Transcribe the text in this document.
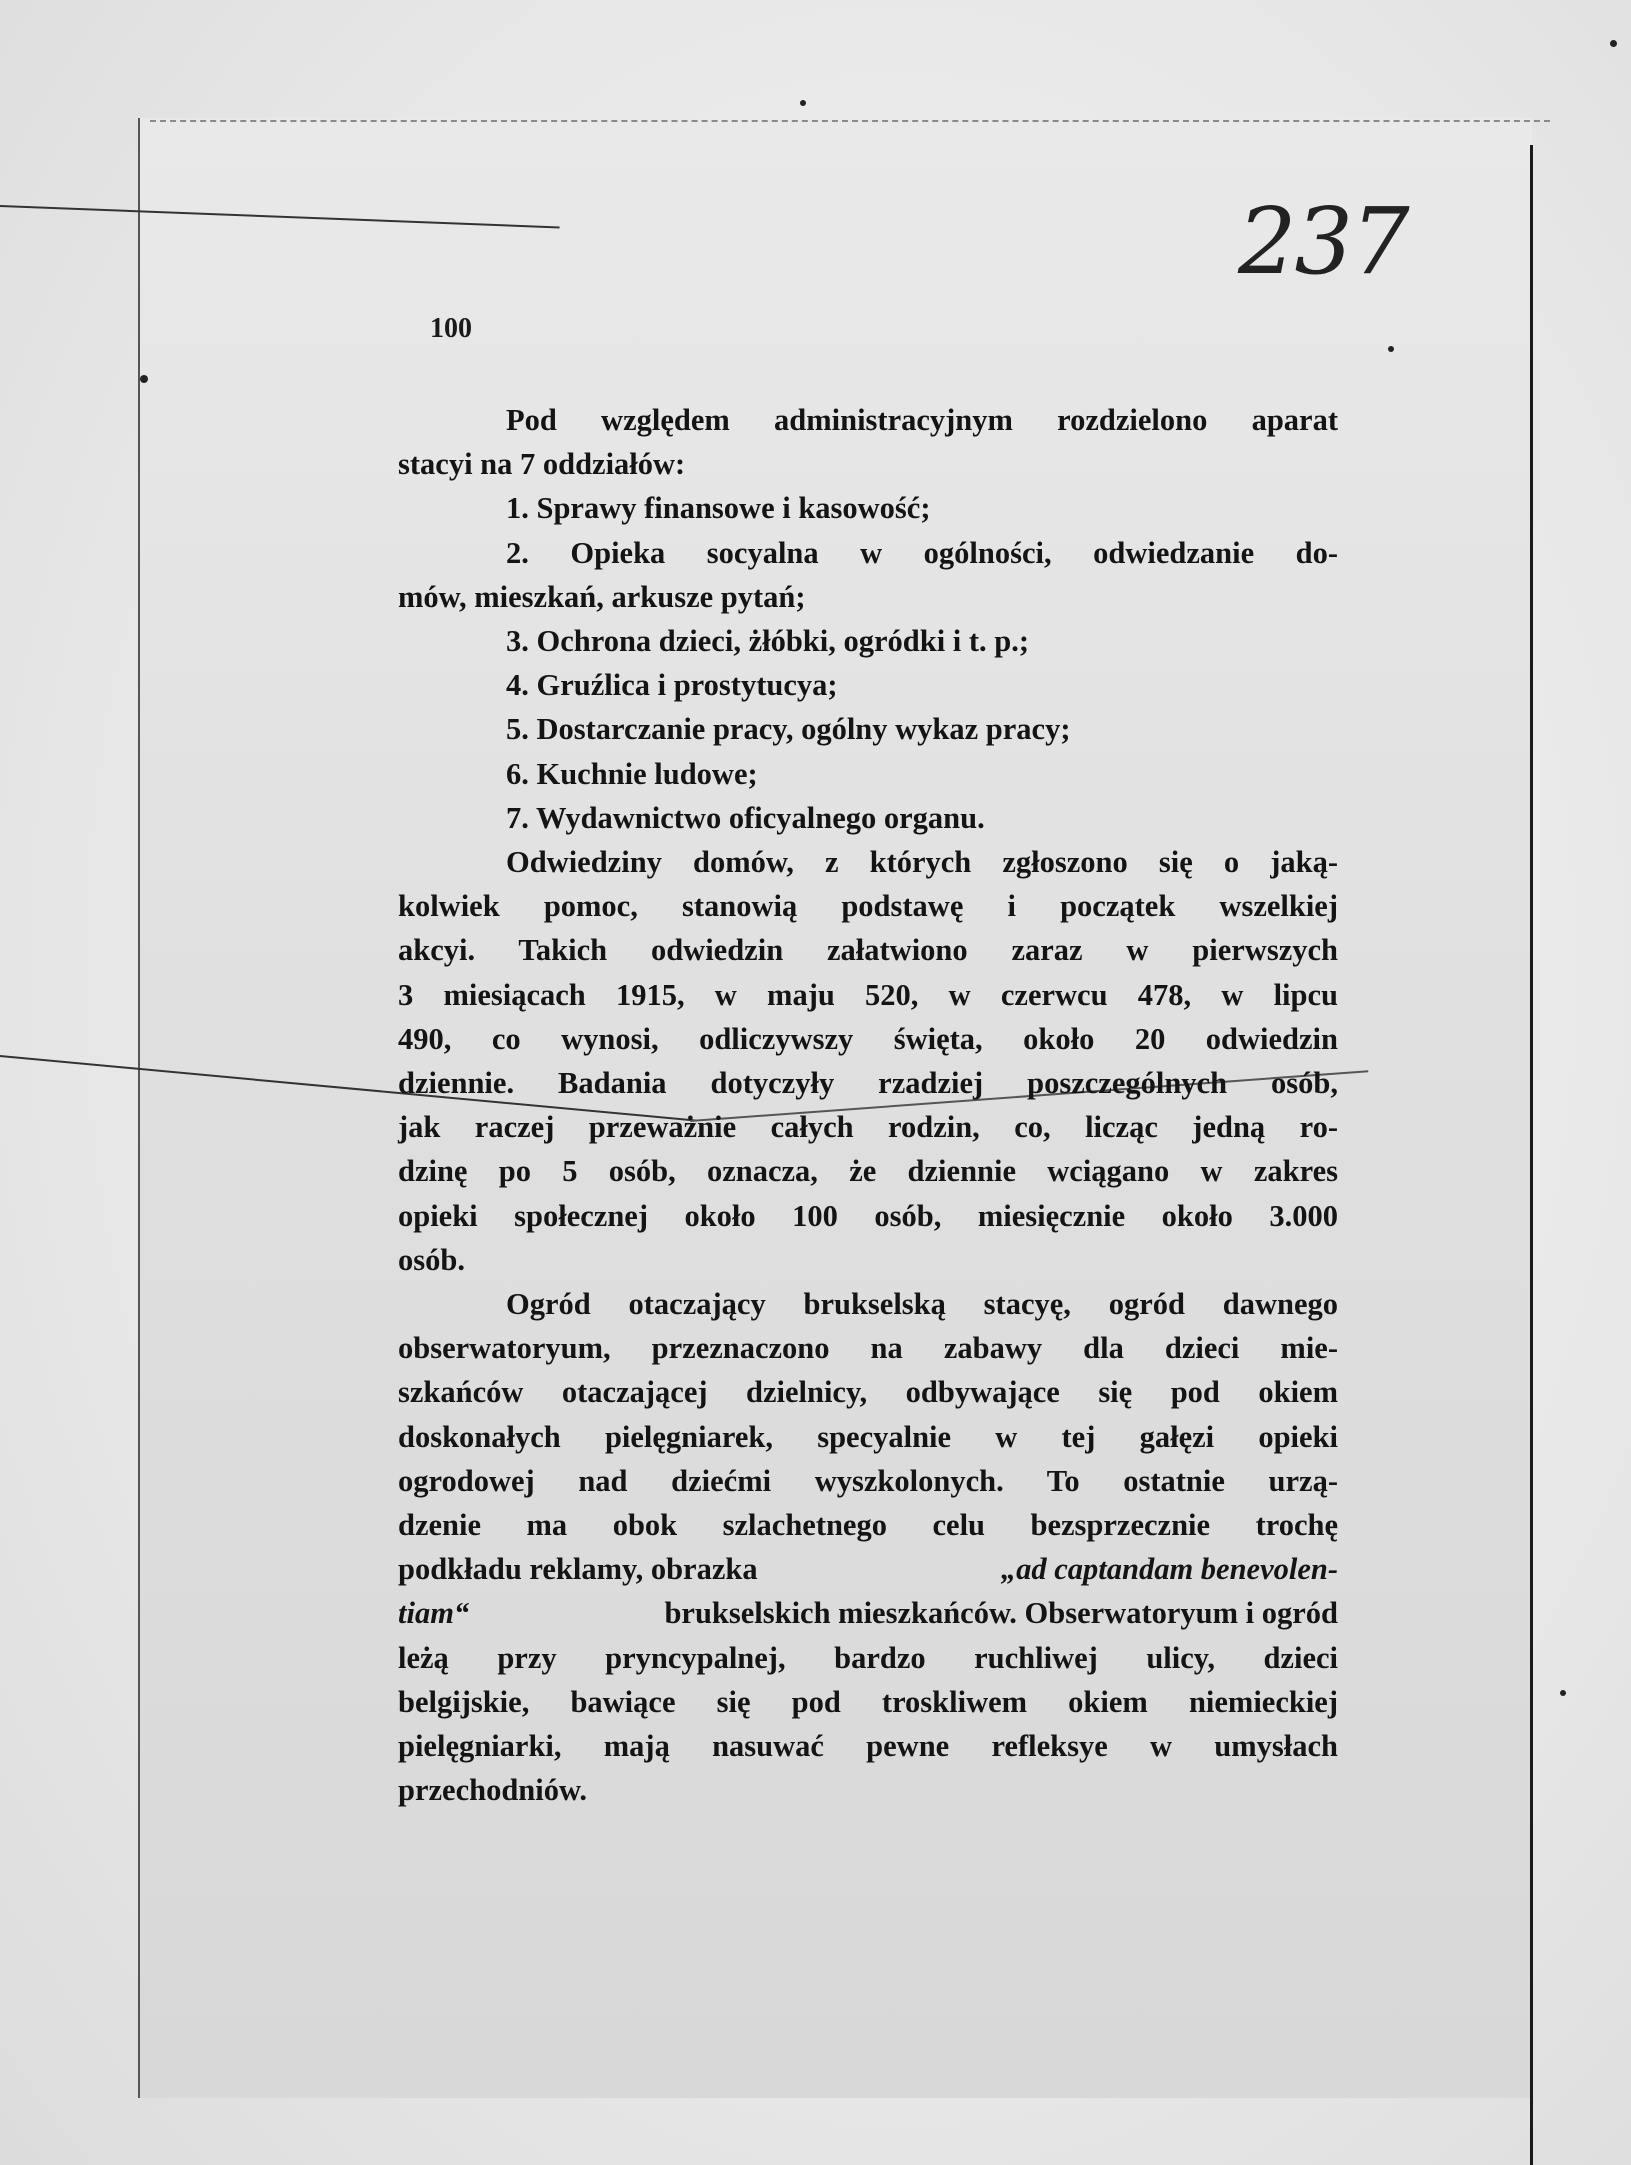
100
237
Pod względem administracyjnym rozdzielono aparat
stacyi na 7 oddziałów:
1. Sprawy finansowe i kasowość;
2. Opieka socyalna w ogólności, odwiedzanie do-
mów, mieszkań, arkusze pytań;
3. Ochrona dzieci, żłóbki, ogródki i t. p.;
4. Gruźlica i prostytucya;
5. Dostarczanie pracy, ogólny wykaz pracy;
6. Kuchnie ludowe;
7. Wydawnictwo oficyalnego organu.
Odwiedziny domów, z których zgłoszono się o jaką-
kolwiek pomoc, stanowią podstawę i początek wszelkiej
akcyi. Takich odwiedzin załatwiono zaraz w pierwszych
3 miesiącach 1915, w maju 520, w czerwcu 478, w lipcu
490, co wynosi, odliczywszy święta, około 20 odwiedzin
dziennie. Badania dotyczyły rzadziej poszczególnych osób,
jak raczej przeważnie całych rodzin, co, licząc jedną ro-
dzinę po 5 osób, oznacza, że dziennie wciągano w zakres
opieki społecznej około 100 osób, miesięcznie około 3.000
osób.
Ogród otaczający brukselską stacyę, ogród dawnego
obserwatoryum, przeznaczono na zabawy dla dzieci mie-
szkańców otaczającej dzielnicy, odbywające się pod okiem
doskonałych pielęgniarek, specyalnie w tej gałęzi opieki
ogrodowej nad dziećmi wyszkolonych. To ostatnie urzą-
dzenie ma obok szlachetnego celu bezsprzecznie trochę
podkładu reklamy, obrazka	„ad captandam benevolen-
tiam“	brukselskich mieszkańców. Obserwatoryum i ogród
leżą przy pryncypalnej, bardzo ruchliwej ulicy, dzieci
belgijskie, bawiące się pod troskliwem okiem niemieckiej
pielęgniarki, mają nasuwać pewne refleksye w umysłach
przechodniów.
